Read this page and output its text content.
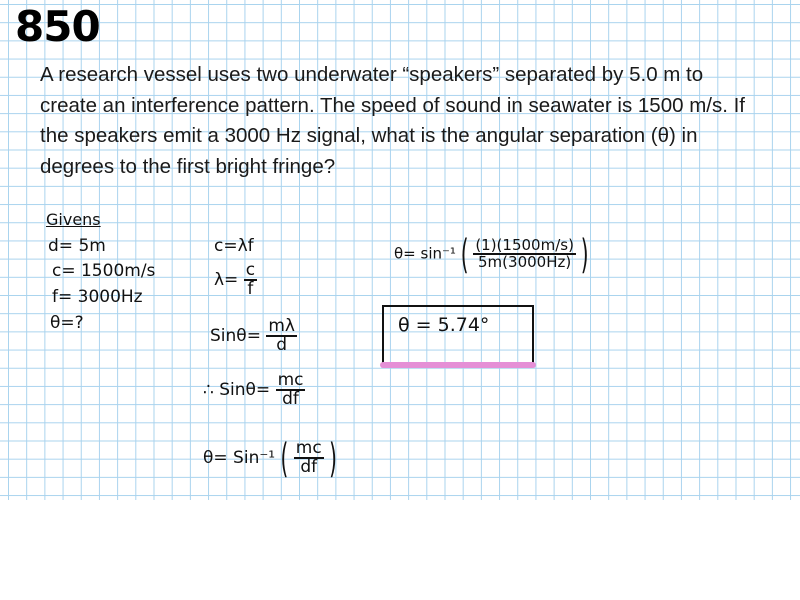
850
A research vessel uses two underwater “speakers” separated by 5.0 m to create an interference pattern. The speed of sound in seawater is 1500 m/s. If the speakers emit a 3000 Hz signal, what is the angular separation (θ) in degrees to the first bright fringe?
Givens
d= 5m
c= 1500m/s
f= 3000Hz
θ=?
c=λf
$\lambda= \frac{c}{f}$
$Sin\theta= \frac{m\lambda}{d}$
∴ $Sin\theta= \frac{mc}{df}$
θ= Sin⁻¹ ( $\frac{mc}{df}$ )
θ= sin⁻¹ ( $\frac{(1)(1500m/s)}{5m(3000Hz)}$ )
θ = 5.74°
